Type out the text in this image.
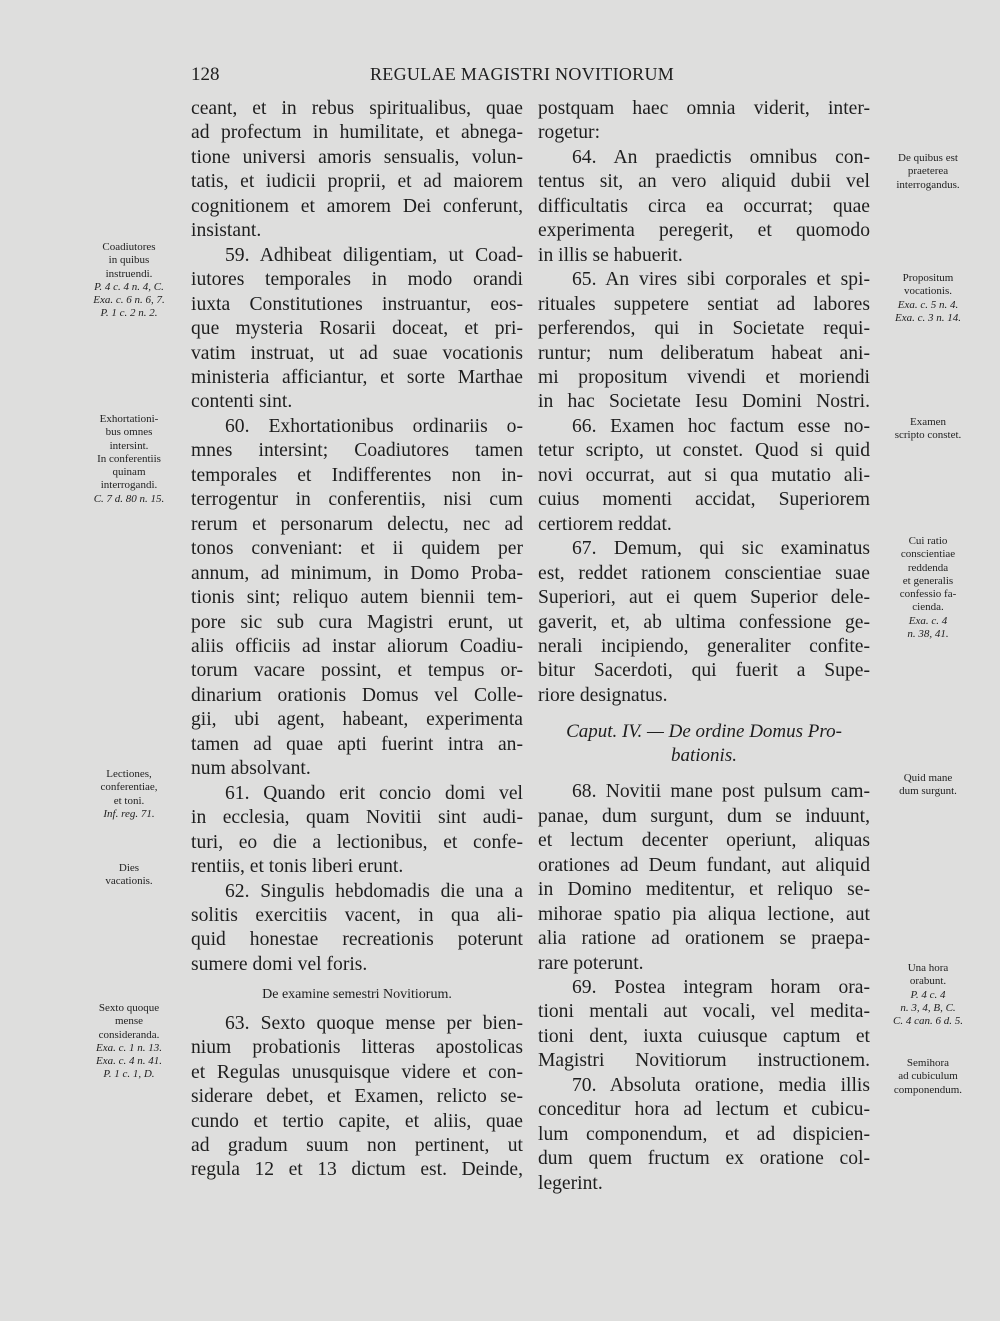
128	REGULAE MAGISTRI NOVITIORUM

ceant, et in rebus spiritualibus, quae

ad profectum in humilitate, et abnega-

tione universi amoris sensualis, volun-

tatis, et iudicii proprii, et ad maiorem

cognitionem et amorem Dei conferunt,

insistant.

59. Adhibeat diligentiam, ut Coad-

iutores temporales in modo orandi

iuxta Constitutiones instruantur, eos-

que mysteria Rosarii doceat, et pri-

vatim instruat, ut ad suae vocationis

ministeria afficiantur, et sorte Marthae

contenti sint.

60. Exhortationibus ordinariis o-

mnes intersint; Coadiutores tamen

temporales et Indifferentes non in-

terrogentur in conferentiis, nisi cum

rerum et personarum delectu, nec ad

tonos conveniant: et ii quidem per

annum, ad minimum, in Domo Proba-

tionis sint; reliquo autem biennii tem-

pore sic sub cura Magistri erunt, ut

aliis officiis ad instar aliorum Coadiu-

torum vacare possint, et tempus or-

dinarium orationis Domus vel Colle-

gii, ubi agent, habeant, experimenta

tamen ad quae apti fuerint intra an-

num absolvant.

61. Quando erit concio domi vel

in ecclesia, quam Novitii sint audi-

turi, eo die a lectionibus, et confe-

rentiis, et tonis liberi erunt.

62. Singulis hebdomadis die una a

solitis exercitiis vacent, in qua ali-

quid honestae recreationis poterunt

sumere domi vel foris.

De examine semestri Novitiorum.

63. Sexto quoque mense per bien-

nium probationis litteras apostolicas

et Regulas unusquisque videre et con-

siderare debet, et Examen, relicto se-

cundo et tertio capite, et aliis, quae

ad gradum suum non pertinent, ut

regula 12 et 13 dictum est. Deinde,

postquam haec omnia viderit, inter-

rogetur:

64. An praedictis omnibus con-

tentus sit, an vero aliquid dubii vel

difficultatis circa ea occurrat; quae

experimenta peregerit, et quomodo

in illis se habuerit.

65. An vires sibi corporales et spi-

rituales suppetere sentiat ad labores

perferendos, qui in Societate requi-

runtur; num deliberatum habeat ani-

mi propositum vivendi et moriendi

in hac Societate Iesu Domini Nostri.

66. Examen hoc factum esse no-

tetur scripto, ut constet. Quod si quid

novi occurrat, aut si qua mutatio ali-

cuius momenti accidat, Superiorem

certiorem reddat.

67. Demum, qui sic examinatus

est, reddet rationem conscientiae suae

Superiori, aut ei quem Superior dele-

gaverit, et, ab ultima confessione ge-

nerali incipiendo, generaliter confite-

bitur Sacerdoti, qui fuerit a Supe-

riore designatus.

Caput. IV. — De ordine Domus Pro-
bationis.

68. Novitii mane post pulsum cam-

panae, dum surgunt, dum se induunt,

et lectum decenter operiunt, aliquas

orationes ad Deum fundant, aut aliquid

in Domino meditentur, et reliquo se-

mihorae spatio pia aliqua lectione, aut

alia ratione ad orationem se praepa-

rare poterunt.

69. Postea integram horam ora-

tioni mentali aut vocali, vel medita-

tioni dent, iuxta cuiusque captum et

Magistri Novitiorum instructionem.

70. Absoluta oratione, media illis

conceditur hora ad lectum et cubicu-

lum componendum, et ad dispicien-

dum quem fructum ex oratione col-

legerint.

Coadiutores
in quibus
instruendi.
P. 4 c. 4 n. 4, C.
Exa. c. 6 n. 6, 7.
P. 1 c. 2 n. 2.
Exhortationi-
bus omnes
intersint.
In conferentiis
quinam
interrogandi.
C. 7 d. 80 n. 15.
Lectiones,
conferentiae,
et toni.
Inf. reg. 71.
Dies
vacationis.
Sexto quoque
mense
consideranda.
Exa. c. 1 n. 13.
Exa. c. 4 n. 41.
P. 1 c. 1, D.
De quibus est
praeterea
interrogandus.
Propositum
vocationis.
Exa. c. 5 n. 4.
Exa. c. 3 n. 14.
Examen
scripto constet.
Cui ratio
conscientiae
reddenda
et generalis
confessio fa-
cienda.
Exa. c. 4
n. 38, 41.
Quid mane
dum surgunt.
Una hora
orabunt.
P. 4 c. 4
n. 3, 4, B, C.
C. 4 can. 6 d. 5.
Semihora
ad cubiculum
componendum.
